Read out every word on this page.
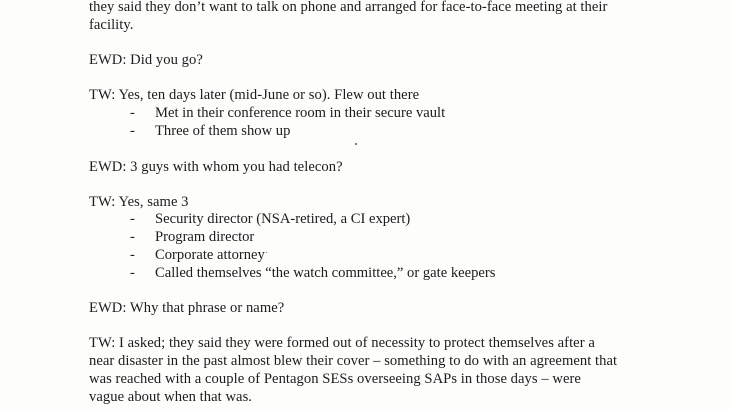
they said they don’t want to talk on phone and arranged for face-to-face meeting at their
facility.
EWD: Did you go?
TW: Yes, ten days later (mid-June or so). Flew out there
- Met in their conference room in their secure vault
- Three of them show up
EWD: 3 guys with whom you had telecon?
TW: Yes, same 3
- Security director (NSA-retired, a CI expert)
- Program director
- Corporate attorney
- Called themselves “the watch committee,” or gate keepers
EWD: Why that phrase or name?
TW: I asked; they said they were formed out of necessity to protect themselves after a
near disaster in the past almost blew their cover – something to do with an agreement that
was reached with a couple of Pentagon SESs overseeing SAPs in those days – were
vague about when that was.
